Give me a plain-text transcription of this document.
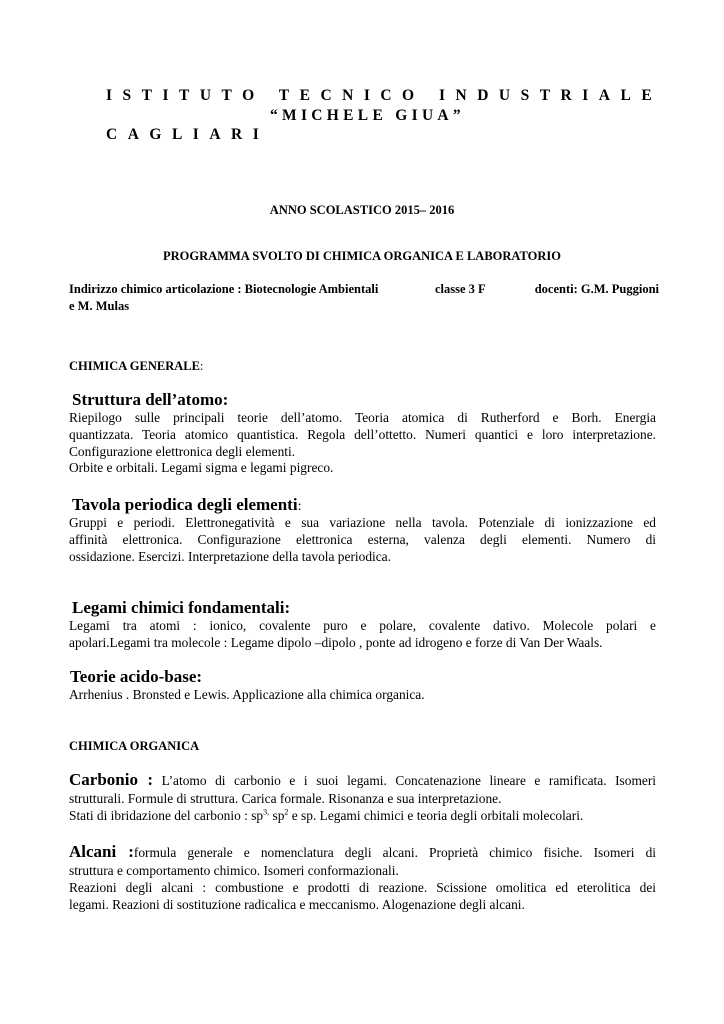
ISTITUTO TECNICO INDUSTRIALE
“MICHELE GIUA”
CAGLIARI
ANNO SCOLASTICO 2015– 2016
PROGRAMMA SVOLTO DI CHIMICA ORGANICA E LABORATORIO
Indirizzo chimico articolazione : Biotecnologie Ambientali	classe 3 F	docenti: G.M. Puggioni
e M. Mulas
CHIMICA GENERALE:
Struttura dell’atomo:
Riepilogo sulle principali teorie dell’atomo. Teoria atomica di Rutherford e Borh. Energia
quantizzata. Teoria atomico quantistica. Regola dell’ottetto. Numeri quantici e loro interpretazione.
Configurazione elettronica degli elementi.
Orbite e orbitali. Legami sigma e legami pigreco.
Tavola periodica degli elementi:
Gruppi e periodi. Elettronegatività e sua variazione nella tavola. Potenziale di ionizzazione ed
affinità elettronica. Configurazione elettronica esterna, valenza degli elementi. Numero di
ossidazione. Esercizi. Interpretazione della tavola periodica.
Legami chimici fondamentali:
Legami tra atomi : ionico, covalente puro e polare, covalente dativo. Molecole polari e
apolari.Legami tra molecole : Legame dipolo –dipolo , ponte ad idrogeno e forze di Van Der Waals.
Teorie acido-base:
Arrhenius . Bronsted e Lewis. Applicazione alla chimica organica.
CHIMICA ORGANICA
Carbonio : L’atomo di carbonio e i suoi legami. Concatenazione lineare e ramificata. Isomeri
strutturali. Formule di struttura. Carica formale. Risonanza e sua interpretazione.
Stati di ibridazione del carbonio : $sp^{3,}$ $sp^2$ e sp. Legami chimici e teoria degli orbitali molecolari.
Alcani :formula generale e nomenclatura degli alcani. Proprietà chimico fisiche. Isomeri di
struttura e comportamento chimico. Isomeri conformazionali.
Reazioni degli alcani : combustione e prodotti di reazione. Scissione omolitica ed eterolitica dei
legami. Reazioni di sostituzione radicalica e meccanismo. Alogenazione degli alcani.
